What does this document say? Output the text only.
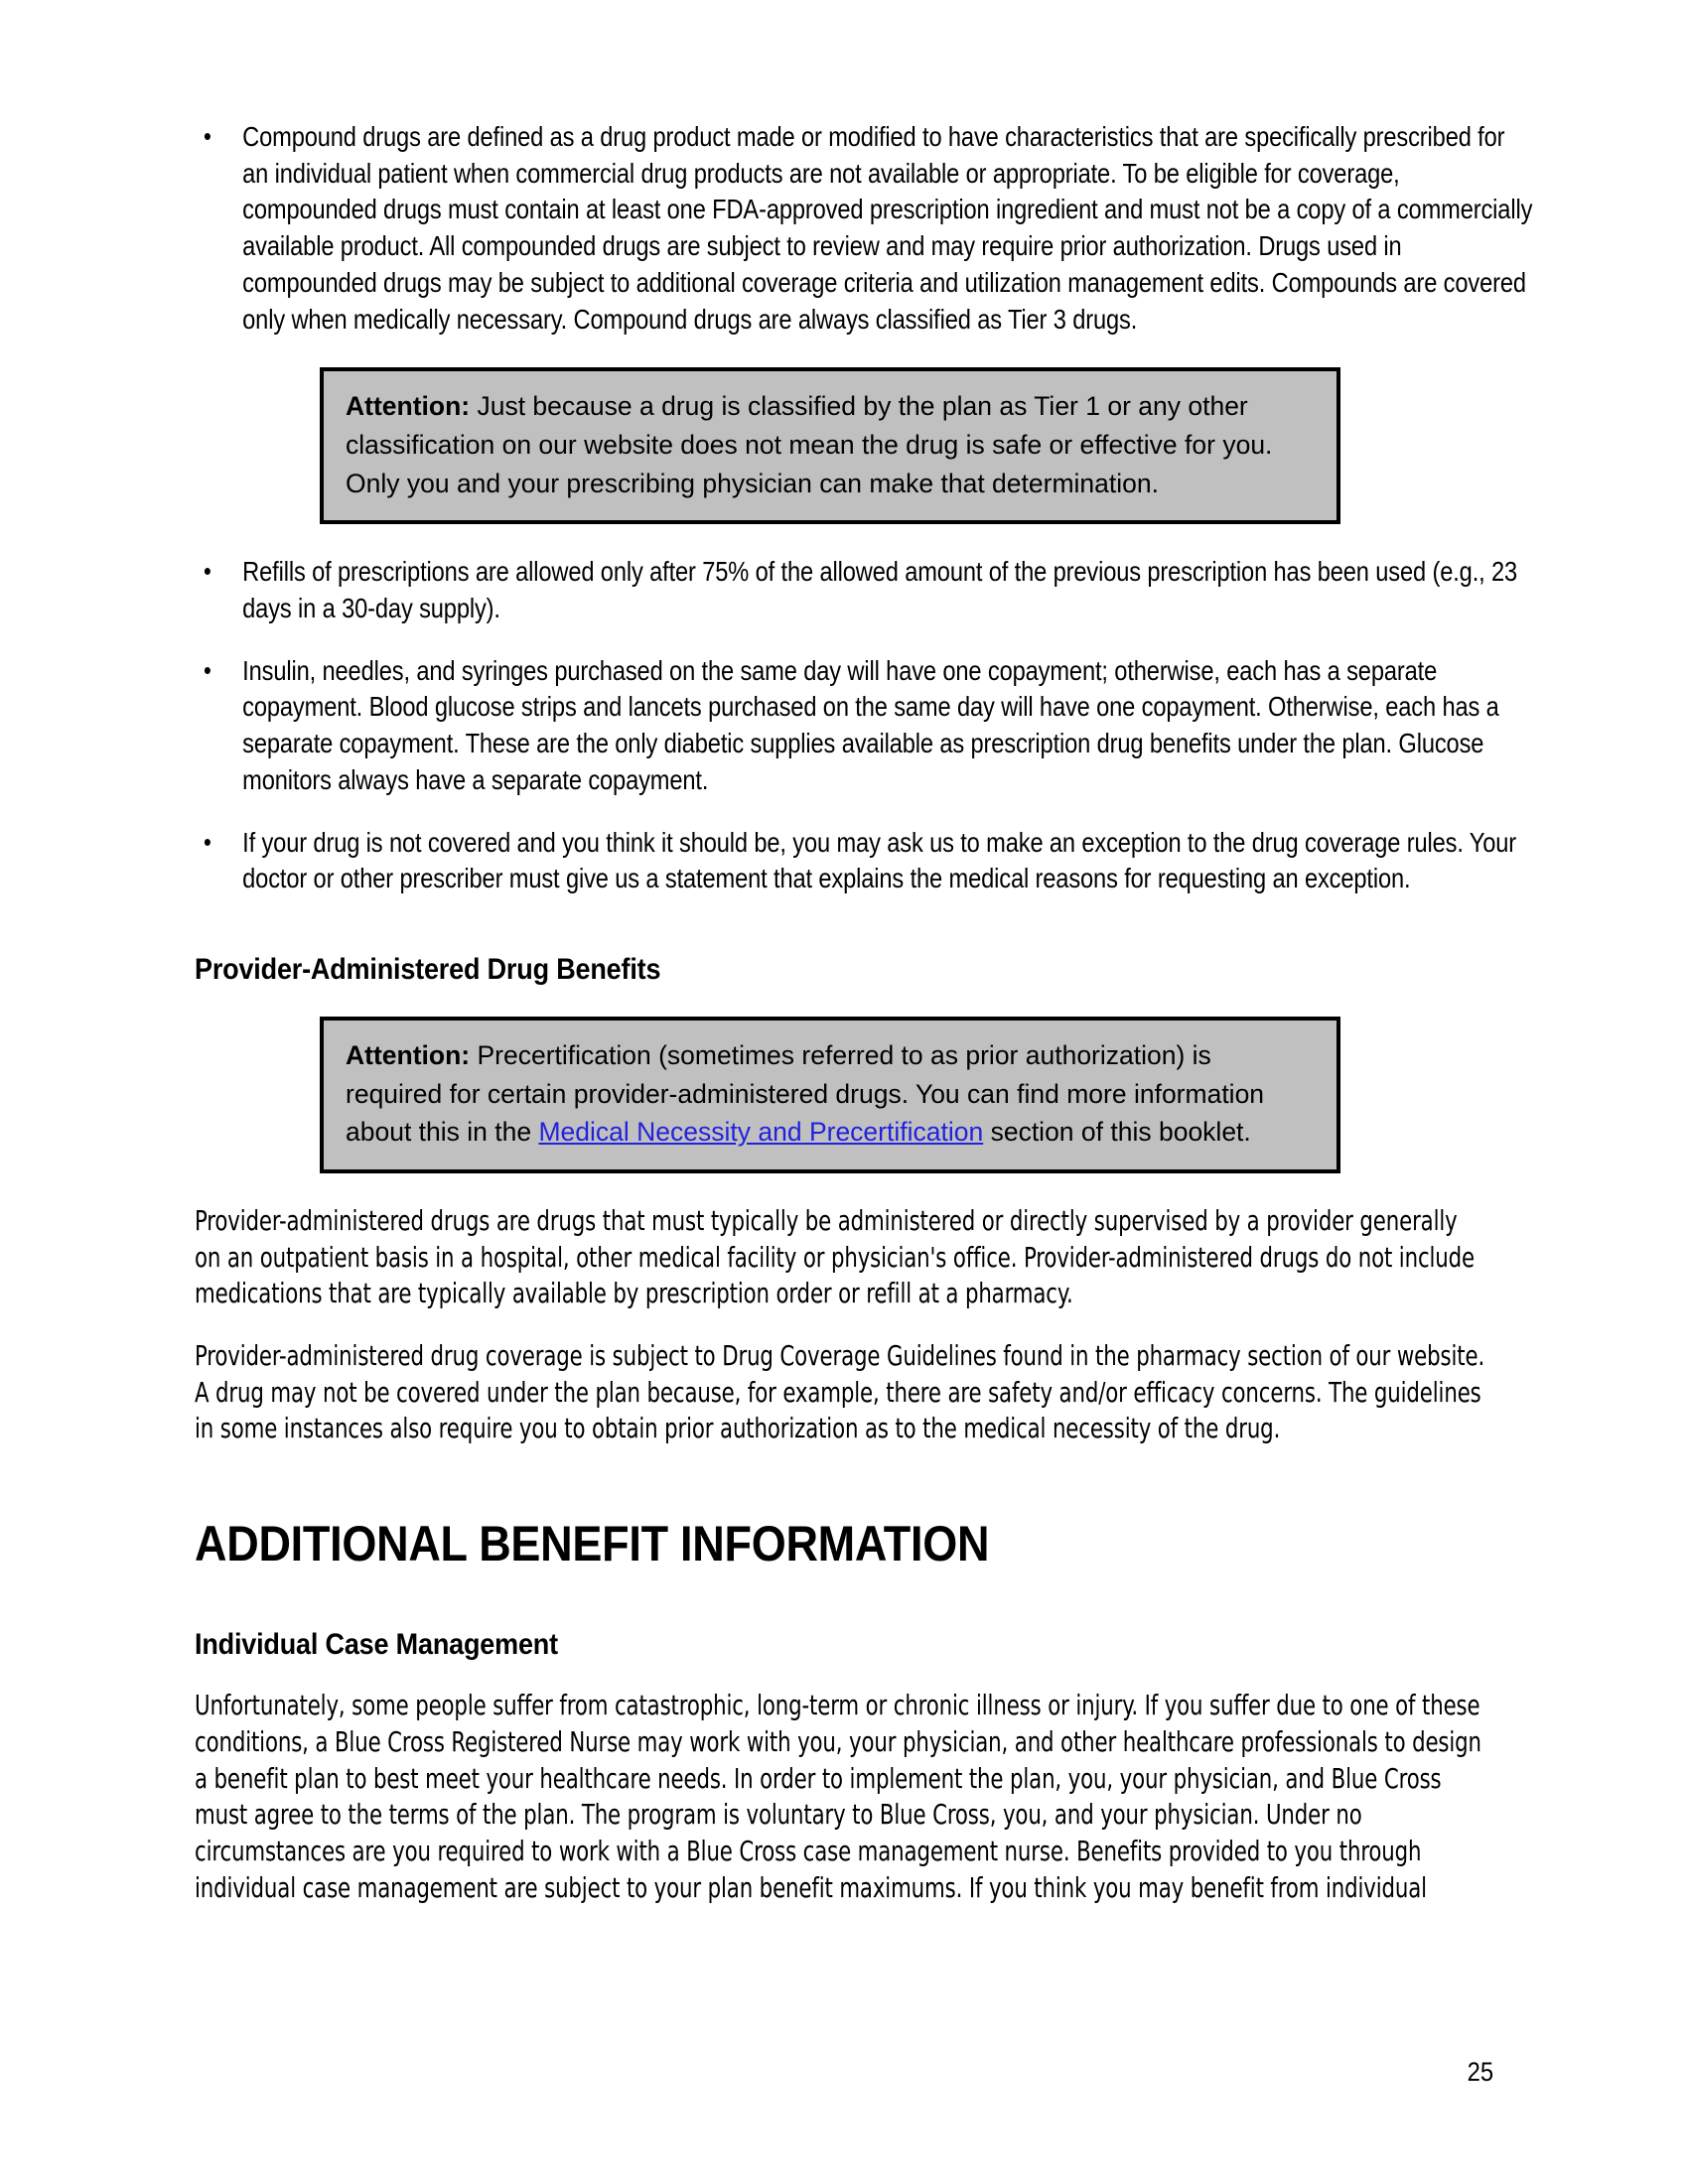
• Compound drugs are defined as a drug product made or modified to have characteristics that are specifically prescribed for an individual patient when commercial drug products are not available or appropriate. To be eligible for coverage, compounded drugs must contain at least one FDA-approved prescription ingredient and must not be a copy of a commercially available product. All compounded drugs are subject to review and may require prior authorization. Drugs used in compounded drugs may be subject to additional coverage criteria and utilization management edits. Compounds are covered only when medically necessary. Compound drugs are always classified as Tier 3 drugs.
Attention: Just because a drug is classified by the plan as Tier 1 or any other classification on our website does not mean the drug is safe or effective for you. Only you and your prescribing physician can make that determination.
• Refills of prescriptions are allowed only after 75% of the allowed amount of the previous prescription has been used (e.g., 23 days in a 30-day supply).
• Insulin, needles, and syringes purchased on the same day will have one copayment; otherwise, each has a separate copayment. Blood glucose strips and lancets purchased on the same day will have one copayment. Otherwise, each has a separate copayment. These are the only diabetic supplies available as prescription drug benefits under the plan. Glucose monitors always have a separate copayment.
• If your drug is not covered and you think it should be, you may ask us to make an exception to the drug coverage rules. Your doctor or other prescriber must give us a statement that explains the medical reasons for requesting an exception.
Provider-Administered Drug Benefits
Attention: Precertification (sometimes referred to as prior authorization) is required for certain provider-administered drugs. You can find more information about this in the Medical Necessity and Precertification section of this booklet.

Provider-administered drugs are drugs that must typically be administered or directly supervised by a provider generally on an outpatient basis in a hospital, other medical facility or physician's office. Provider-administered drugs do not include medications that are typically available by prescription order or refill at a pharmacy.

Provider-administered drug coverage is subject to Drug Coverage Guidelines found in the pharmacy section of our website. A drug may not be covered under the plan because, for example, there are safety and/or efficacy concerns. The guidelines in some instances also require you to obtain prior authorization as to the medical necessity of the drug.

ADDITIONAL BENEFIT INFORMATION
Individual Case Management

Unfortunately, some people suffer from catastrophic, long-term or chronic illness or injury. If you suffer due to one of these conditions, a Blue Cross Registered Nurse may work with you, your physician, and other healthcare professionals to design a benefit plan to best meet your healthcare needs. In order to implement the plan, you, your physician, and Blue Cross must agree to the terms of the plan. The program is voluntary to Blue Cross, you, and your physician. Under no circumstances are you required to work with a Blue Cross case management nurse. Benefits provided to you through individual case management are subject to your plan benefit maximums. If you think you may benefit from individual

25
